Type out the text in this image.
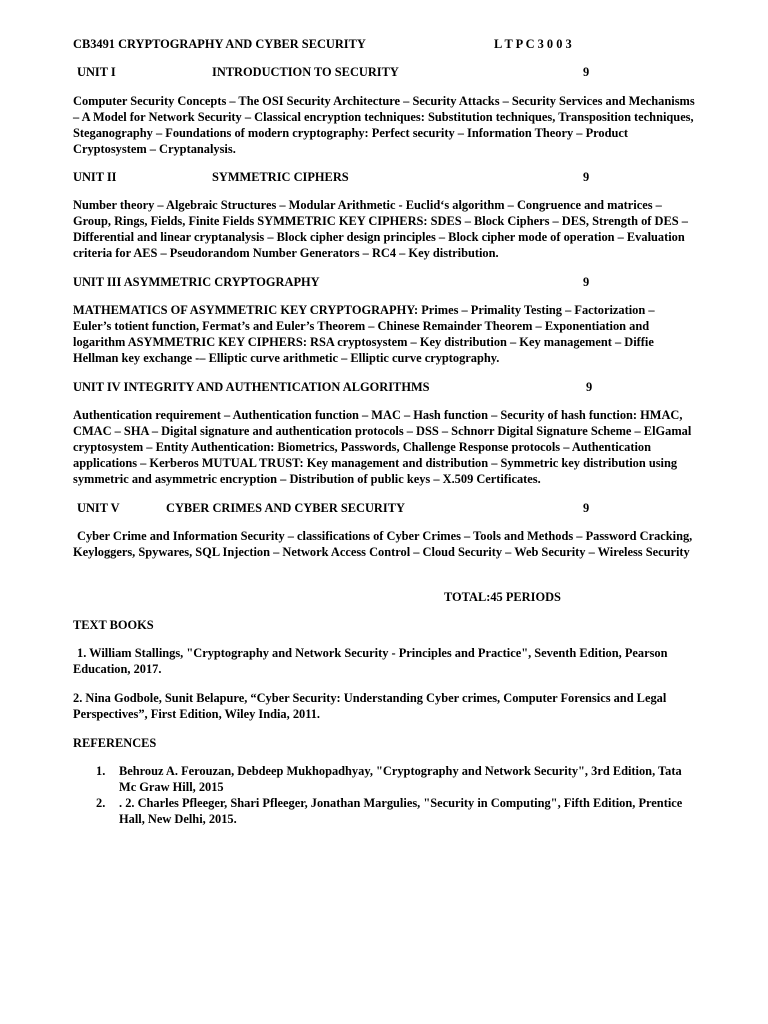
CB3491 CRYPTOGRAPHY AND CYBER SECURITY	L T P C 3 0 0 3
UNIT I	INTRODUCTION TO SECURITY	9
Computer Security Concepts – The OSI Security Architecture – Security Attacks – Security Services and Mechanisms – A Model for Network Security – Classical encryption techniques: Substitution techniques, Transposition techniques, Steganography – Foundations of modern cryptography: Perfect security – Information Theory – Product Cryptosystem – Cryptanalysis.
UNIT II	SYMMETRIC CIPHERS	9
Number theory – Algebraic Structures – Modular Arithmetic - Euclid‘s algorithm – Congruence and matrices – Group, Rings, Fields, Finite Fields SYMMETRIC KEY CIPHERS: SDES – Block Ciphers – DES, Strength of DES – Differential and linear cryptanalysis – Block cipher design principles – Block cipher mode of operation – Evaluation criteria for AES – Pseudorandom Number Generators – RC4 – Key distribution.
UNIT III ASYMMETRIC CRYPTOGRAPHY	9
MATHEMATICS OF ASYMMETRIC KEY CRYPTOGRAPHY: Primes – Primality Testing – Factorization – Euler’s totient function, Fermat’s and Euler’s Theorem – Chinese Remainder Theorem – Exponentiation and logarithm ASYMMETRIC KEY CIPHERS: RSA cryptosystem – Key distribution – Key management – Diffie Hellman key exchange -– Elliptic curve arithmetic – Elliptic curve cryptography.
UNIT IV INTEGRITY AND AUTHENTICATION ALGORITHMS	9
Authentication requirement – Authentication function – MAC – Hash function – Security of hash function: HMAC, CMAC – SHA – Digital signature and authentication protocols – DSS – Schnorr Digital Signature Scheme – ElGamal cryptosystem – Entity Authentication: Biometrics, Passwords, Challenge Response protocols – Authentication applications – Kerberos MUTUAL TRUST: Key management and distribution – Symmetric key distribution using symmetric and asymmetric encryption – Distribution of public keys – X.509 Certificates.
UNIT V	CYBER CRIMES AND CYBER SECURITY	9
Cyber Crime and Information Security – classifications of Cyber Crimes – Tools and Methods – Password Cracking, Keyloggers, Spywares, SQL Injection – Network Access Control – Cloud Security – Web Security – Wireless Security
TOTAL:45 PERIODS
TEXT BOOKS
1. William Stallings, "Cryptography and Network Security - Principles and Practice", Seventh Edition, Pearson Education, 2017.
2. Nina Godbole, Sunit Belapure, “Cyber Security: Understanding Cyber crimes, Computer Forensics and Legal Perspectives”, First Edition, Wiley India, 2011.
REFERENCES
1. Behrouz A. Ferouzan, Debdeep Mukhopadhyay, "Cryptography and Network Security", 3rd Edition, Tata Mc Graw Hill, 2015
2. . 2. Charles Pfleeger, Shari Pfleeger, Jonathan Margulies, "Security in Computing", Fifth Edition, Prentice Hall, New Delhi, 2015.
